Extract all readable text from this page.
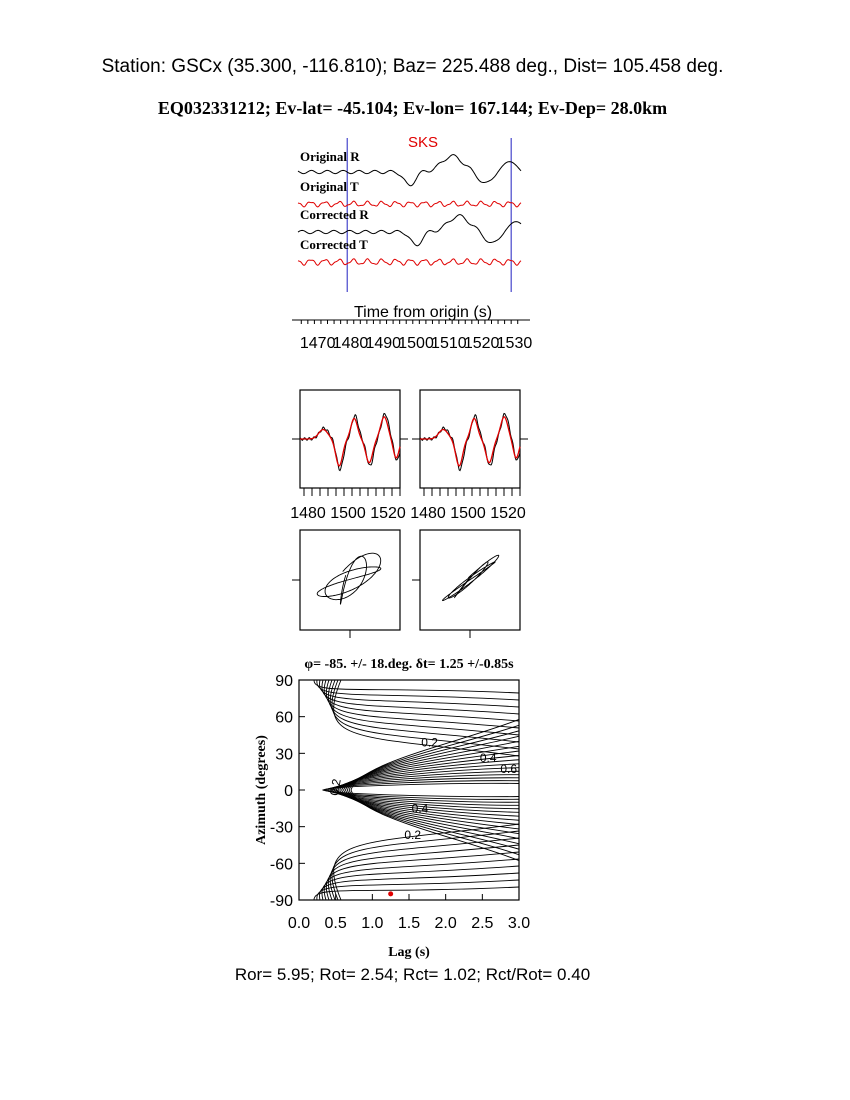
Station: GSCx (35.300, -116.810); Baz= 225.488 deg., Dist= 105.458 deg.
EQ032331212; Ev-lat= -45.104; Ev-lon= 167.144; Ev-Dep= 28.0km
SKS
Original R
Original T
Corrected R
Corrected T
Time from origin (s)
1470
1480
1490
1500
1510
1520
1530
1480 1500 1520 1480 1500 1520
φ= -85. +/- 18.deg. δt= 1.25 +/-0.85s
0.0 0.5 1.0 1.5 2.0 2.5 3.0
90
60
30
0
-30
-60
-90
0.2
0.4
0.6
0.2
0.4
0.2
Lag (s)
Azimuth (degrees)
Ror= 5.95; Rot= 2.54; Rct= 1.02; Rct/Rot= 0.40
